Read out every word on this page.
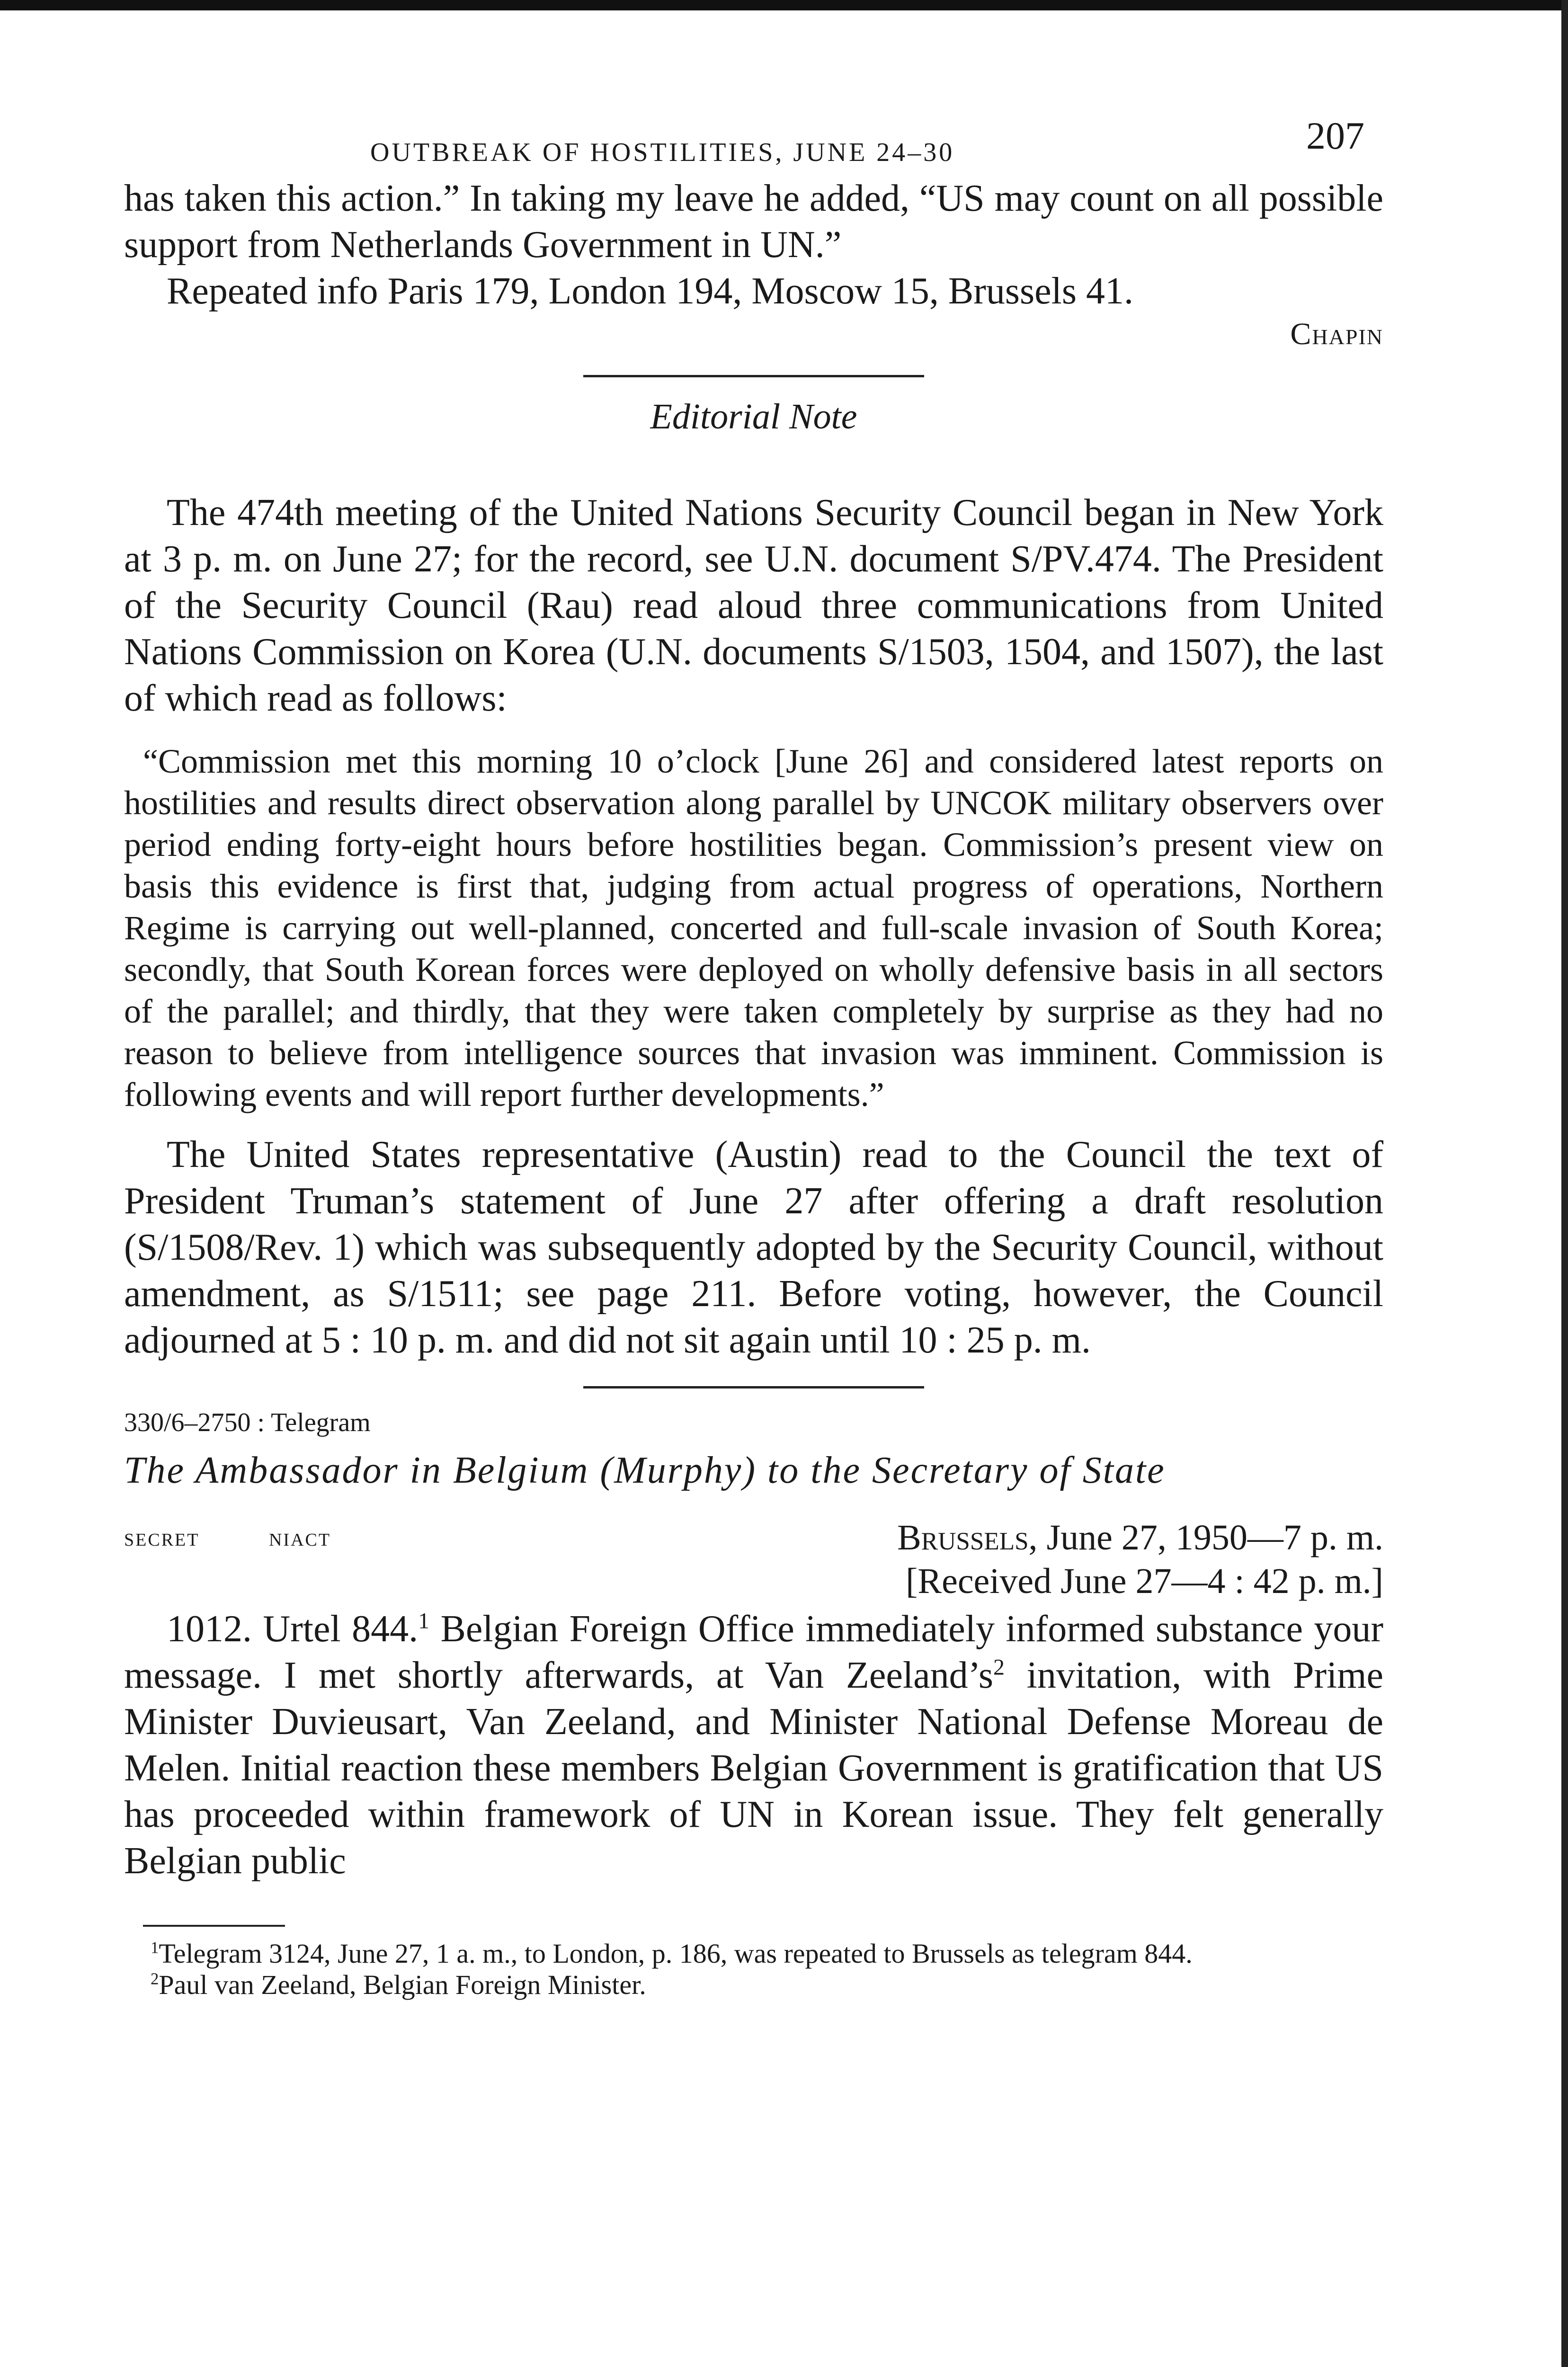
OUTBREAK OF HOSTILITIES, JUNE 24–30	207

has taken this action.” In taking my leave he added, “US may count on all possible support from Netherlands Government in UN.”

Repeated info Paris 179, London 194, Moscow 15, Brussels 41.

Chapin
Editorial Note

The 474th meeting of the United Nations Security Council began in New York at 3 p. m. on June 27; for the record, see U.N. document S/PV.474. The President of the Security Council (Rau) read aloud three communications from United Nations Commission on Korea (U.N. documents S/1503, 1504, and 1507), the last of which read as follows:

“Commission met this morning 10 o’clock [June 26] and considered latest reports on hostilities and results direct observation along parallel by UNCOK military observers over period ending forty-eight hours before hostilities began. Commission’s present view on basis this evidence is first that, judging from actual progress of operations, Northern Regime is carrying out well-planned, concerted and full-scale invasion of South Korea; secondly, that South Korean forces were deployed on wholly defensive basis in all sectors of the parallel; and thirdly, that they were taken completely by surprise as they had no reason to believe from intelligence sources that invasion was imminent. Commission is following events and will report further developments.”

The United States representative (Austin) read to the Council the text of President Truman’s statement of June 27 after offering a draft resolution (S/1508/Rev. 1) which was subsequently adopted by the Security Council, without amendment, as S/1511; see page 211. Before voting, however, the Council adjourned at 5 : 10 p. m. and did not sit again until 10 : 25 p. m.

330/6–2750 : Telegram
The Ambassador in Belgium (Murphy) to the Secretary of State
secret	niact	Brussels, June 27, 1950—7 p. m.
[Received June 27—4 : 42 p. m.]

1012. Urtel 844.$^1$ Belgian Foreign Office immediately informed substance your message. I met shortly afterwards, at Van $Zeeland’s^2$ invitation, with Prime Minister Duvieusart, Van Zeeland, and Minister National Defense Moreau de Melen. Initial reaction these members Belgian Government is gratification that US has proceeded within framework of UN in Korean issue. They felt generally Belgian public

$^1$Telegram 3124, June 27, 1 a. m., to London, p. 186, was repeated to Brussels as telegram 844.

$^2$Paul van Zeeland, Belgian Foreign Minister.
